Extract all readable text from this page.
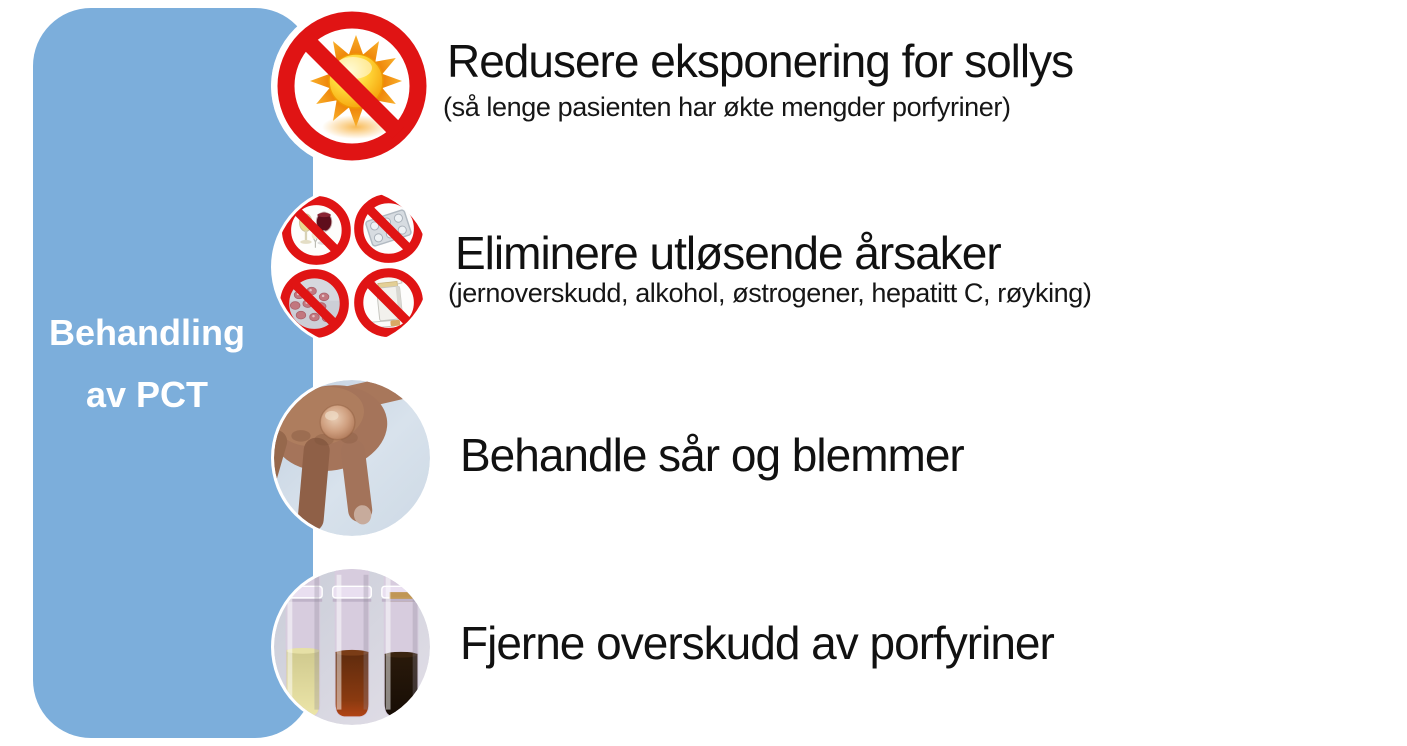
Behandling
av PCT
Redusere eksponering for sollys
(så lenge pasienten har økte mengder porfyriner)
Eliminere utløsende årsaker
(jernoverskudd, alkohol, østrogener, hepatitt C, røyking)
Behandle sår og blemmer
Fjerne overskudd av porfyriner
